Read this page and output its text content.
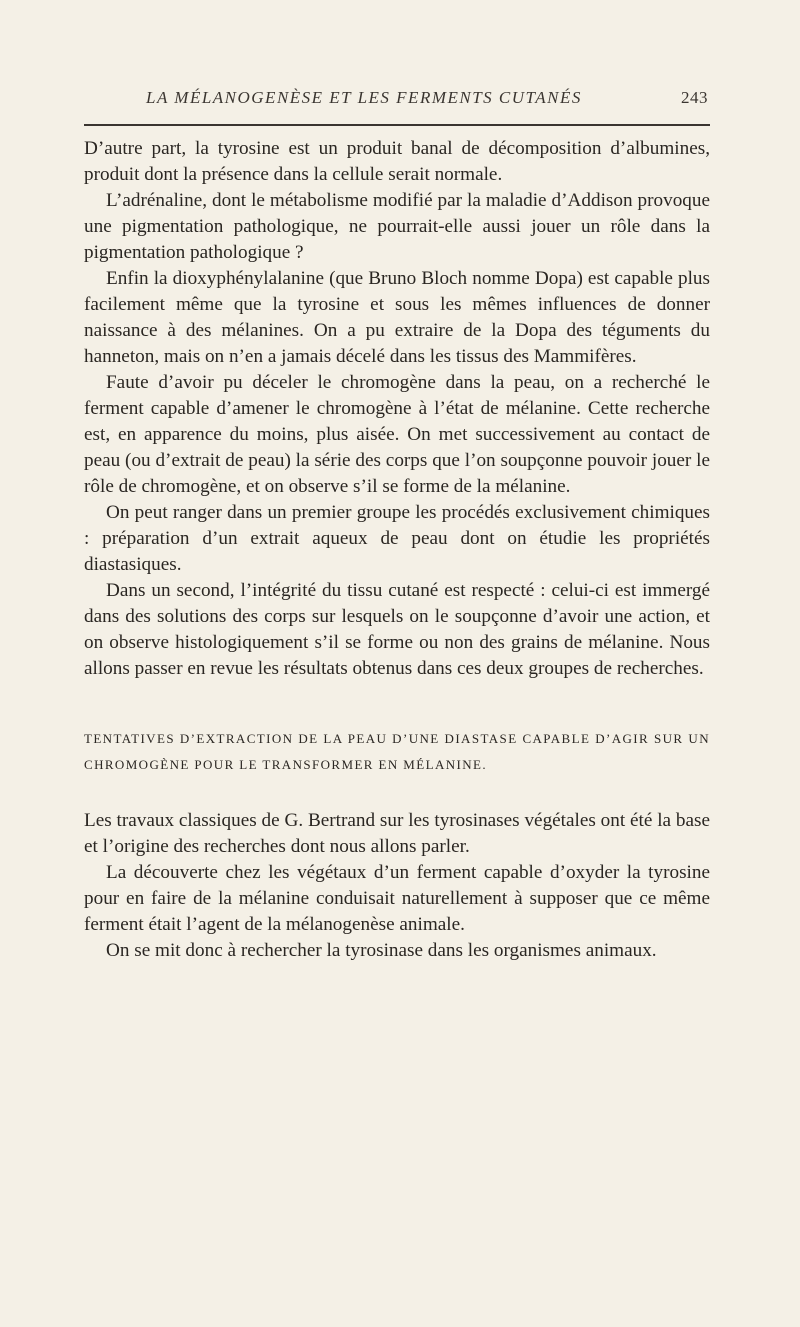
LA MÉLANOGENÈSE ET LES FERMENTS CUTANÉS	243

D’autre part, la tyrosine est un produit banal de décomposition d’albumines, produit dont la présence dans la cellule serait normale.

L’adrénaline, dont le métabolisme modifié par la maladie d’Addison provoque une pigmentation pathologique, ne pourrait-elle aussi jouer un rôle dans la pigmentation pathologique ?

Enfin la dioxyphénylalanine (que Bruno Bloch nomme Dopa) est capable plus facilement même que la tyrosine et sous les mêmes influences de donner naissance à des mélanines. On a pu extraire de la Dopa des téguments du hanneton, mais on n’en a jamais décelé dans les tissus des Mammifères.

Faute d’avoir pu déceler le chromogène dans la peau, on a recherché le ferment capable d’amener le chromogène à l’état de mélanine. Cette recherche est, en apparence du moins, plus aisée. On met successivement au contact de peau (ou d’extrait de peau) la série des corps que l’on soupçonne pouvoir jouer le rôle de chromogène, et on observe s’il se forme de la mélanine.

On peut ranger dans un premier groupe les procédés exclusivement chimiques : préparation d’un extrait aqueux de peau dont on étudie les propriétés diastasiques.

Dans un second, l’intégrité du tissu cutané est respecté : celui-ci est immergé dans des solutions des corps sur lesquels on le soupçonne d’avoir une action, et on observe histologiquement s’il se forme ou non des grains de mélanine. Nous allons passer en revue les résultats obtenus dans ces deux groupes de recherches.

TENTATIVES D’EXTRACTION DE LA PEAU D’UNE DIASTASE CAPABLE D’AGIR SUR UN CHROMOGÈNE POUR LE TRANSFORMER EN MÉLANINE.

Les travaux classiques de G. Bertrand sur les tyrosinases végétales ont été la base et l’origine des recherches dont nous allons parler.

La découverte chez les végétaux d’un ferment capable d’oxyder la tyrosine pour en faire de la mélanine conduisait naturellement à supposer que ce même ferment était l’agent de la mélanogenèse animale.

On se mit donc à rechercher la tyrosinase dans les organismes animaux.
